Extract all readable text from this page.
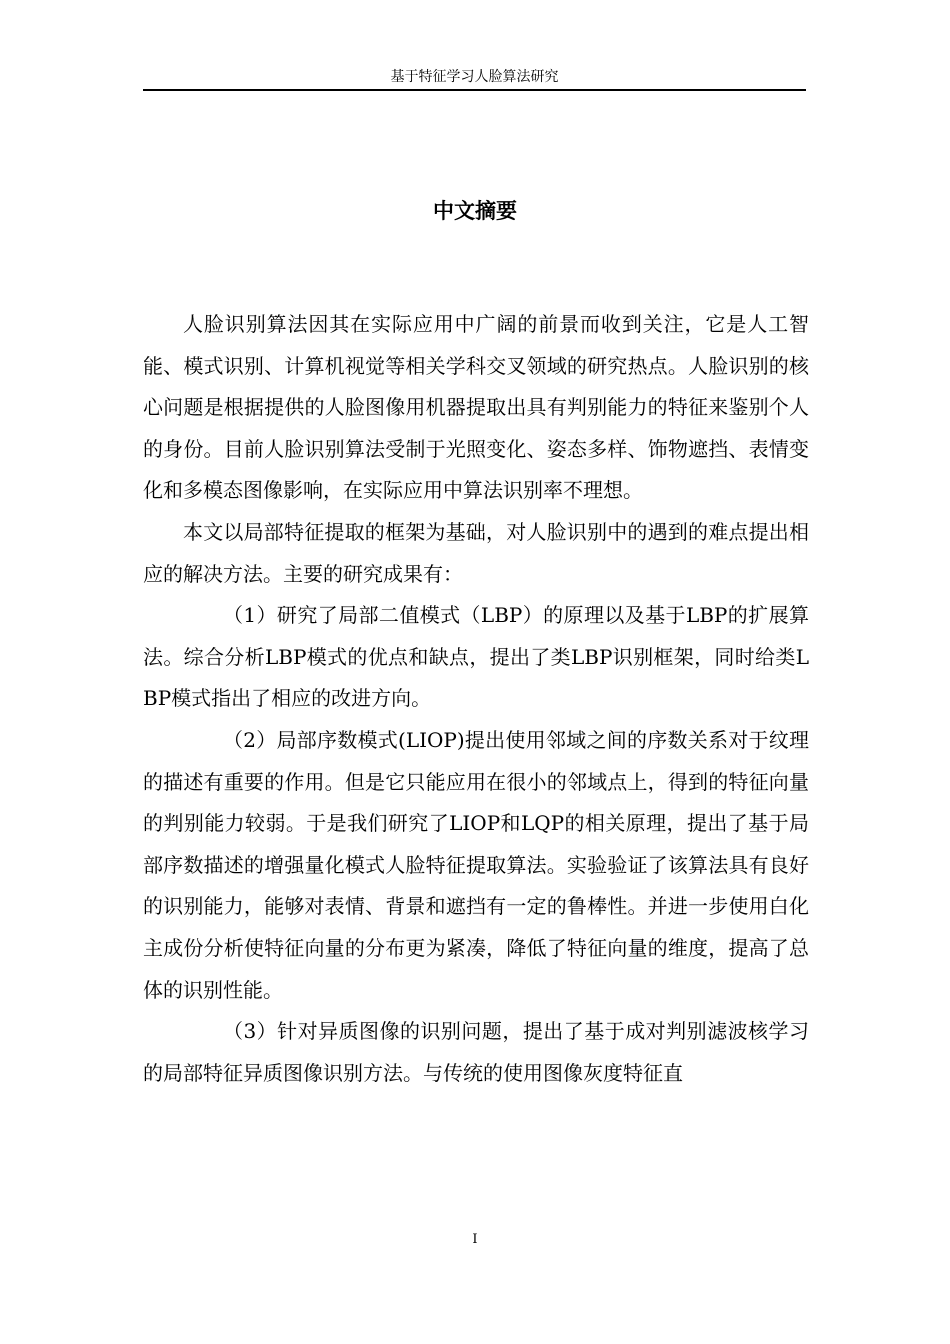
基于特征学习人脸算法研究
中文摘要

人脸识别算法因其在实际应用中广阔的前景而收到关注，它是人工智能、模式识别、计算机视觉等相关学科交叉领域的研究热点。人脸识别的核心问题是根据提供的人脸图像用机器提取出具有判别能力的特征来鉴别个人的身份。目前人脸识别算法受制于光照变化、姿态多样、饰物遮挡、表情变化和多模态图像影响，在实际应用中算法识别率不理想。

本文以局部特征提取的框架为基础，对人脸识别中的遇到的难点提出相应的解决方法。主要的研究成果有：

（1）研究了局部二值模式（LBP）的原理以及基于LBP的扩展算法。综合分析LBP模式的优点和缺点，提出了类LBP识别框架，同时给类LBP模式指出了相应的改进方向。

（2）局部序数模式(LIOP)提出使用邻域之间的序数关系对于纹理的描述有重要的作用。但是它只能应用在很小的邻域点上，得到的特征向量的判别能力较弱。于是我们研究了LIOP和LQP的相关原理，提出了基于局部序数描述的增强量化模式人脸特征提取算法。实验验证了该算法具有良好的识别能力，能够对表情、背景和遮挡有一定的鲁棒性。并进一步使用白化主成份分析使特征向量的分布更为紧凑，降低了特征向量的维度，提高了总体的识别性能。

（3）针对异质图像的识别问题，提出了基于成对判别滤波核学习的局部特征异质图像识别方法。与传统的使用图像灰度特征直

I
